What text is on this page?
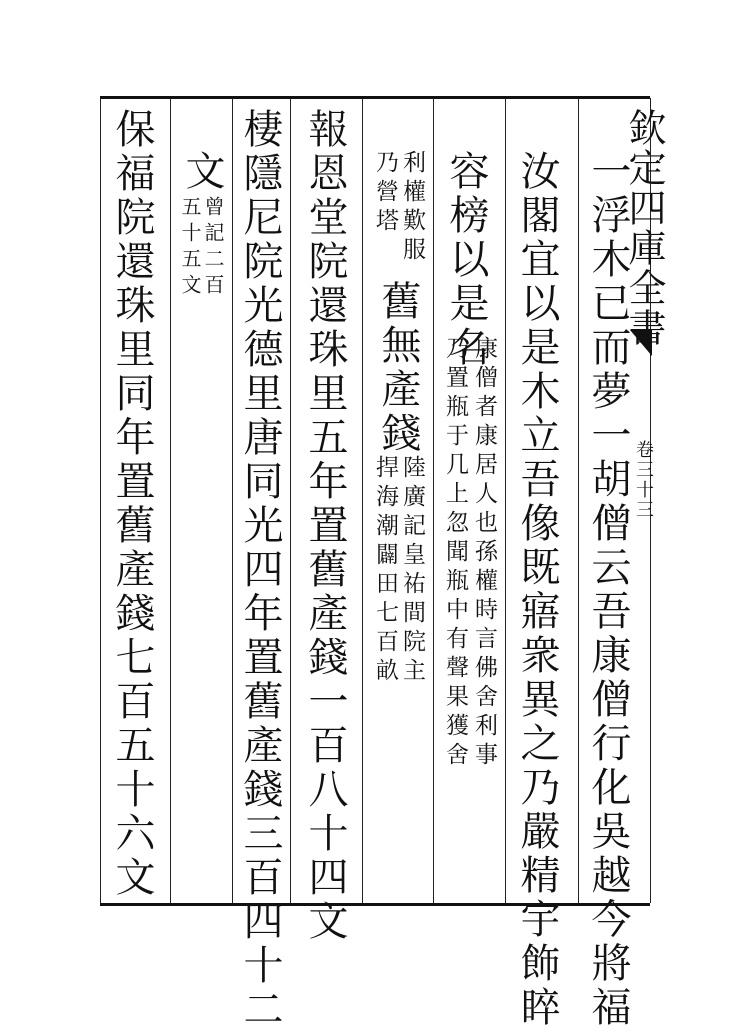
欽定四庫全書
卷三十三
一浮木已而夢一胡僧云吾康僧行化吳越今將福
汝閣宜以是木立吾像既寤衆異之乃嚴精宇飾睟
容榜以是名
康僧者康居人也孫權時言佛舍利事
乃置瓶于几上忽聞瓶中有聲果獲舍
利權歎服
乃營塔
舊無產錢
陸廣記皇祐間院主
捍海潮闢田七百畝
報恩堂院還珠里五年置舊產錢一百八十四文
棲隱尼院光德里唐同光四年置舊產錢三百四十二
文
曾記二百
五十五文
保福院還珠里同年置舊產錢七百五十六文
